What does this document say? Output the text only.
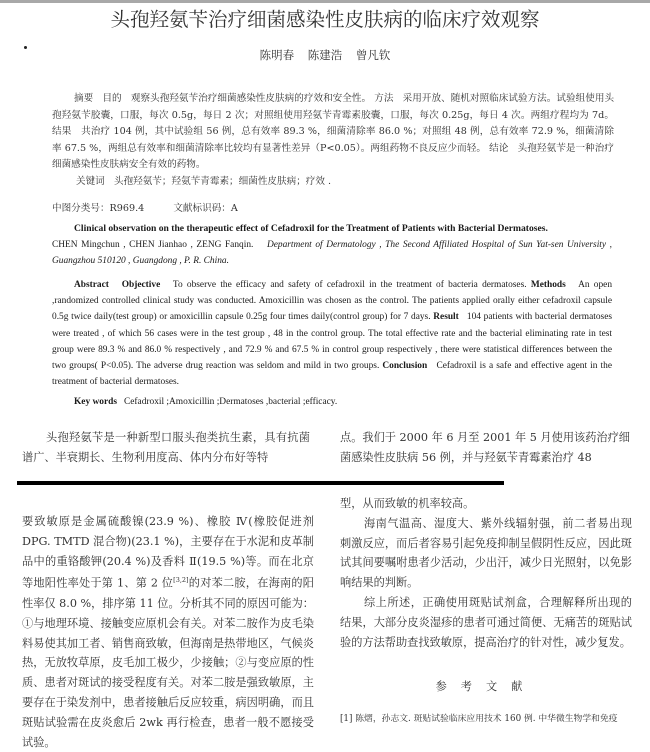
头孢羟氨苄治疗细菌感染性皮肤病的临床疗效观察
陈明春 陈建浩 曾凡钦
摘要 目的 观察头孢羟氨苄治疗细菌感染性皮肤病的疗效和安全性。 方法 采用开放、随机对照临床试验方法。试验组使用头孢羟氨苄胶囊，口服，每次 0.5g，每日 2 次；对照组使用羟氨苄青霉素胶囊，口服，每次 0.25g，每日 4 次。两组疗程均为 7d。 结果 共治疗 104 例，其中试验组 56 例，总有效率 89.3 %，细菌清除率 86.0 %；对照组 48 例，总有效率 72.9 %，细菌清除率 67.5 %，两组总有效率和细菌清除率比较均有显著性差异（P<0.05）。两组药物不良反应少而轻。 结论 头孢羟氨苄是一种治疗细菌感染性皮肤病安全有效的药物。
关键词 头孢羟氨苄；羟氨苄青霉素；细菌性皮肤病；疗效 .
中图分类号：R969.4	文献标识码：A
Clinical observation on the therapeutic effect of Cefadroxil for the Treatment of Patients with Bacterial Dermatoses.
CHEN Mingchun , CHEN Jianhao , ZENG Fanqin. Department of Dermatology , The Second Affiliated Hospital of Sun Yat-sen University , Guangzhou 510120 , Guangdong , P. R. China.
Abstract Objective To observe the efficacy and safety of cefadroxil in the treatment of bacteria dermatoses. Methods An open ,randomized controlled clinical study was conducted. Amoxicillin was chosen as the control. The patients applied orally either cefadroxil capsule 0.5g twice daily(test group) or amoxicillin capsule 0.25g four times daily(control group) for 7 days. Result 104 patients with bacterial dermatoses were treated , of which 56 cases were in the test group , 48 in the control group. The total effective rate and the bacterial eliminating rate in test group were 89.3 % and 86.0 % respectively , and 72.9 % and 67.5 % in control group respectively , there were statistical differences between the two groups( P<0.05). The adverse drug reaction was seldom and mild in two groups. Conclusion Cefadroxil is a safe and effective agent in the treatment of bacterial dermatoses.
Key words Cefadroxil ;Amoxicillin ;Dermatoses ,bacterial ;efficacy.
头孢羟氨苄是一种新型口服头孢类抗生素，具有抗菌谱广、半衰期长、生物利用度高、体内分布好等特
点。我们于 2000 年 6 月至 2001 年 5 月使用该药治疗细菌感染性皮肤病 56 例，并与羟氨苄青霉素治疗 48
要致敏原是金属硫酸镍(23.9 %)、橡胶 Ⅳ(橡胶促进剂 DPG. TMTD 混合物)(23.1 %)，主要存在于水泥和皮革制品中的重铬酸钾(20.4 %)及香料 Ⅱ(19.5 %)等。而在北京等地阳性率处于第 1、第 2 位[3,2]的对苯二胺，在海南的阳性率仅 8.0 %，排序第 11 位。分析其不同的原因可能为：①与地理环境、接触变应原机会有关。对苯二胺作为皮毛染料易使其加工者、销售商致敏，但海南是热带地区，气候炎热，无放牧草原，皮毛加工极少，少接触；②与变应原的性质、患者对斑试的接受程度有关。对苯二胺是强致敏原，主要存在于染发剂中，患者接触后反应较重，病因明确，而且斑贴试验需在皮炎愈后 2wk 再行检查，患者一般不愿接受试验。

型，从而致敏的机率较高。

海南气温高、湿度大、紫外线辐射强，前二者易出现刺激反应，而后者容易引起免疫抑制呈假阴性反应，因此斑试其间要嘱咐患者少活动，少出汗，减少日光照射，以免影响结果的判断。

综上所述，正确使用斑贴试剂盒，合理解释所出现的结果，大部分皮炎湿疹的患者可通过简便、无痛苦的斑贴试验的方法帮助查找致敏原，提高治疗的针对性，减少复发。

参考文献
[1] 陈熠，孙志文. 斑贴试验临床应用技术 160 例. 中华微生物学和免疫
